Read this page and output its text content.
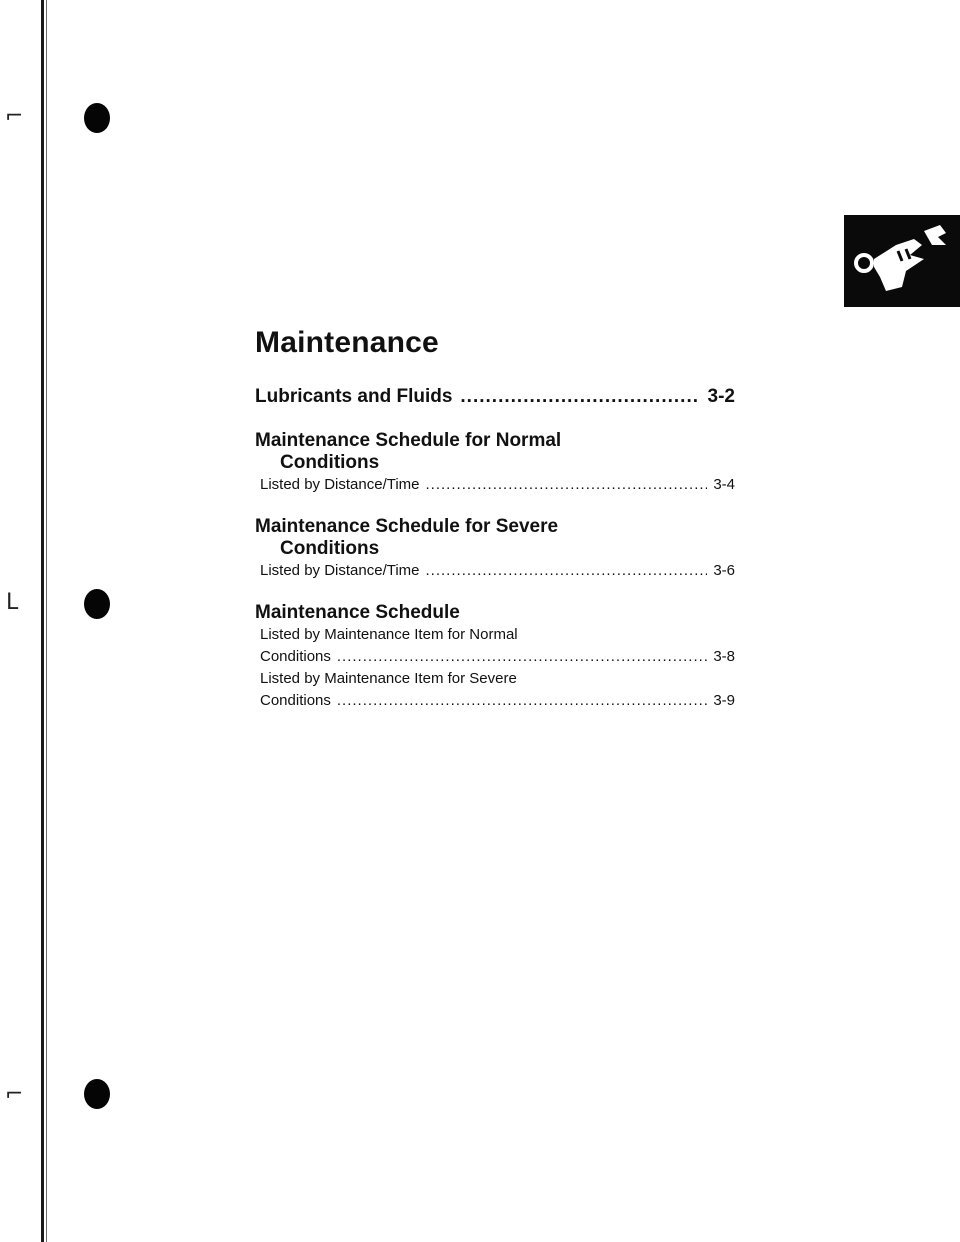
⌐
L
⌐
Maintenance
Lubricants and Fluids .....	3-2
Maintenance Schedule for Normal
Conditions
Listed by Distance/Time .....	3-4
Maintenance Schedule for Severe
Conditions
Listed by Distance/Time .....	3-6
Maintenance Schedule
Listed by Maintenance Item for Normal
Conditions .....	3-8
Listed by Maintenance Item for Severe
Conditions .....	3-9
